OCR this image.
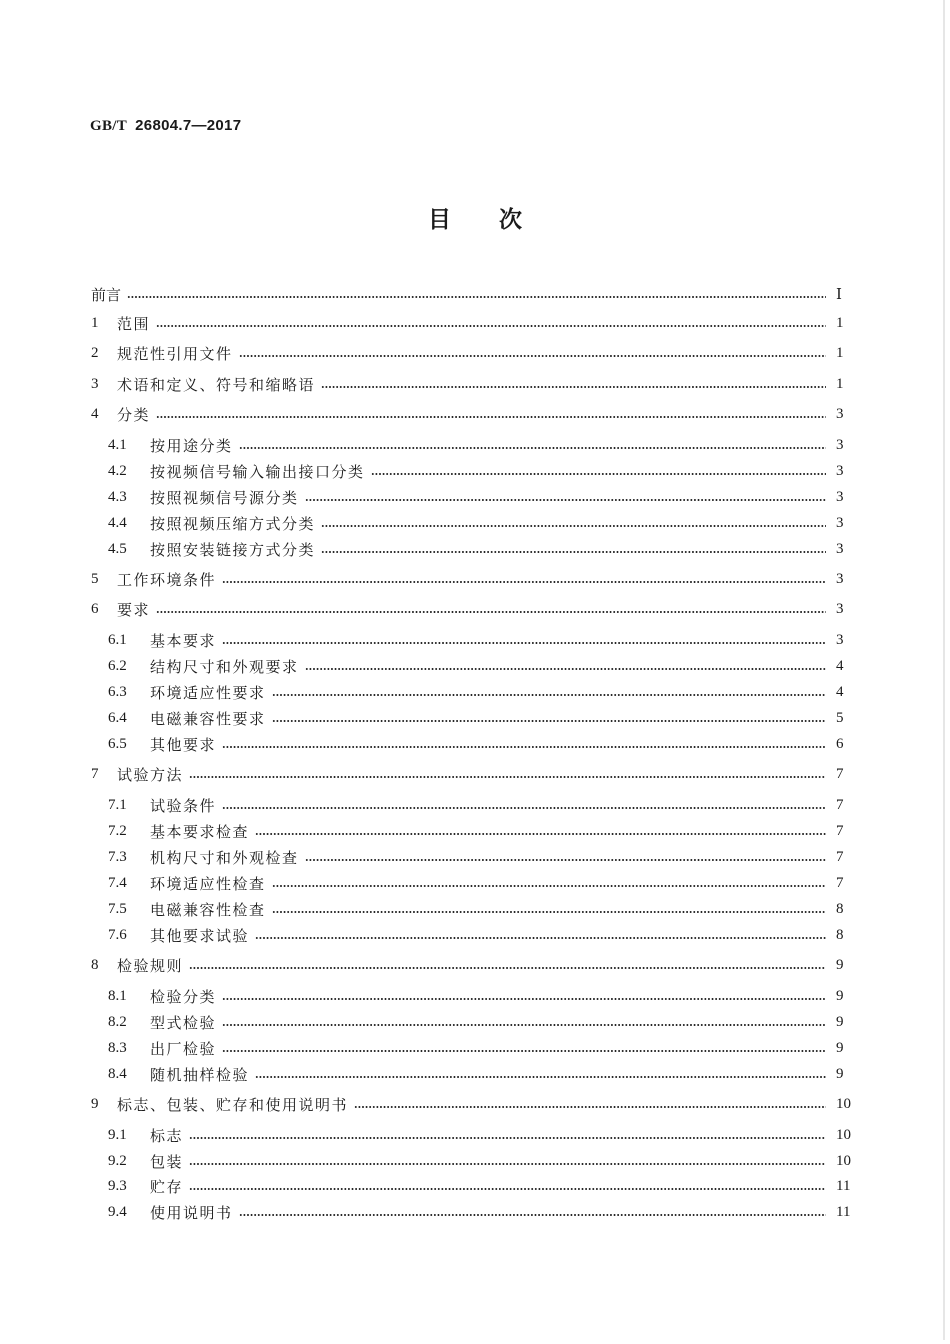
GB/T 26804.7—2017
目 次
前言	Ⅰ
1	范围	1
2	规范性引用文件	1
3	术语和定义、符号和缩略语	1
4	分类	3
4.1	按用途分类	3
4.2	按视频信号输入输出接口分类	3
4.3	按照视频信号源分类	3
4.4	按照视频压缩方式分类	3
4.5	按照安装链接方式分类	3
5	工作环境条件	3
6	要求	3
6.1	基本要求	3
6.2	结构尺寸和外观要求	4
6.3	环境适应性要求	4
6.4	电磁兼容性要求	5
6.5	其他要求	6
7	试验方法	7
7.1	试验条件	7
7.2	基本要求检查	7
7.3	机构尺寸和外观检查	7
7.4	环境适应性检查	7
7.5	电磁兼容性检查	8
7.6	其他要求试验	8
8	检验规则	9
8.1	检验分类	9
8.2	型式检验	9
8.3	出厂检验	9
8.4	随机抽样检验	9
9	标志、包装、贮存和使用说明书	10
9.1	标志	10
9.2	包装	10
9.3	贮存	11
9.4	使用说明书	11
